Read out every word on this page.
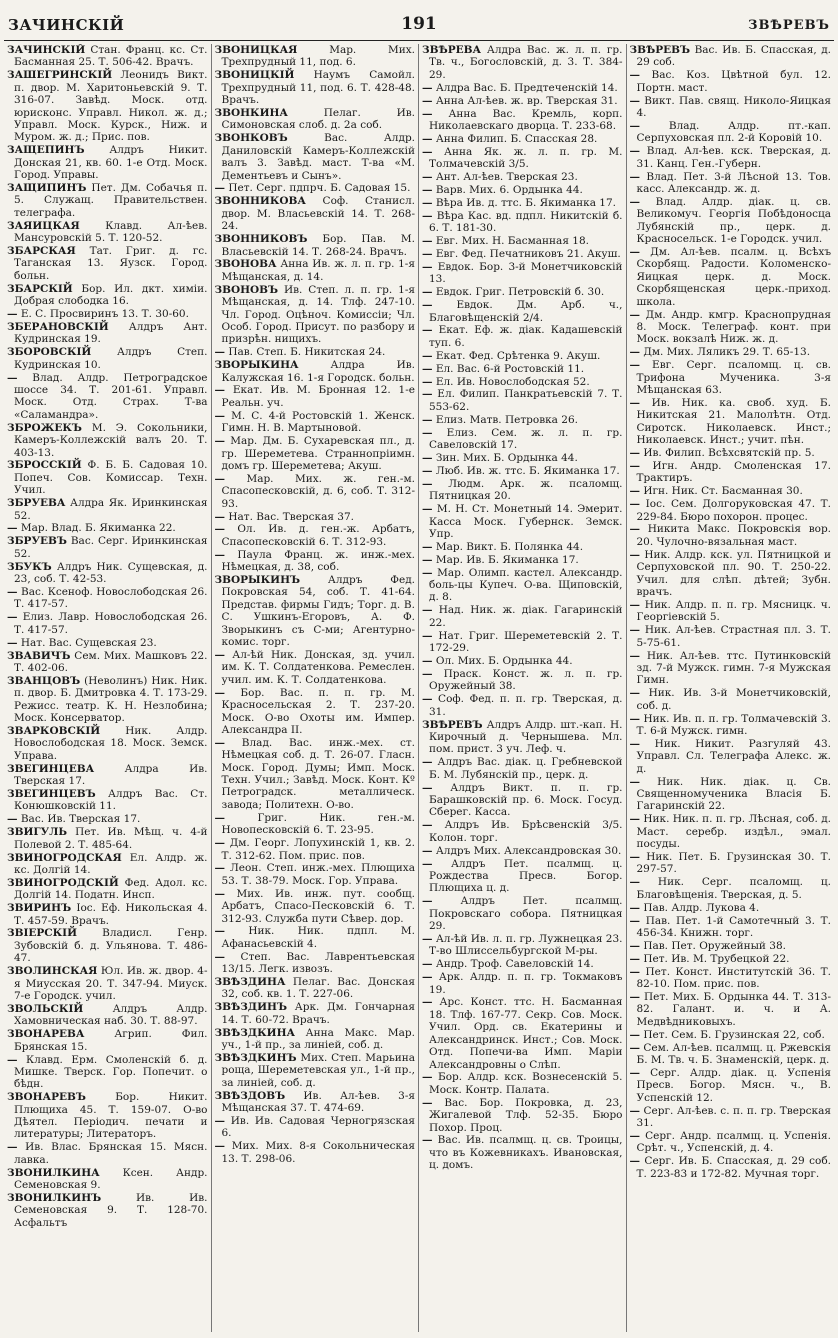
ЗАЧИНСКІЙ	191	ЗВѢРЕВЪ
ЗАЧИНСКІЙ Стан. Франц. кс. Ст. Басманная 25. Т. 506-42. Врачъ.
ЗАШЕГРИНСКІЙ Леонидъ Викт. п. двор. М. Харитоньевскій 9. Т. 316-07. Завѣд. Моск. отд. юрисконс. Управл. Никол. ж. д.; Управл. Моск. Курск., Ниж. и Муром. ж. д.; Прис. пов.
ЗАЩЕПИНЪ Алдръ Никит. Донская 21, кв. 60. 1-е Отд. Моск. Город. Управы.
ЗАЩИПИНЪ Пет. Дм. Собачья п. 5. Служащ. Правительствен. телеграфа.
ЗАЯИЦКАЯ Клавд. Ал-ѣев. Мансуровскій 5. Т. 120-52.
ЗБАРСКАЯ Тат. Григ. д. гс. Таганская 13. Яузск. Город. больн.
ЗБАРСКІЙ Бор. Ил. дкт. химіи. Добрая слободка 16.
— Е. С. Просвиринъ 13. Т. 30-60.
ЗБЕРАНОВСКІЙ Алдръ Ант. Кудринская 19.
ЗБОРОВСКІЙ Алдръ Степ. Кудринская 10.
— Влад. Алдр. Петроградское шоссе 34. Т. 201-61. Управл. Моск. Отд. Страх. Т-ва «Саламандра».
ЗБРОЖЕКЪ М. Э. Сокольники, Камеръ-Коллежскій валъ 20. Т. 403-13.
ЗБРОССКІЙ Ф. Б. Б. Садовая 10. Попеч. Сов. Комиссар. Техн. Учил.
ЗБРУЕВА Алдра Як. Иринкинская 52.
— Мар. Влад. Б. Якиманка 22.
ЗБРУЕВЪ Вас. Серг. Иринкинская 52.
ЗБУКЪ Алдръ Ник. Сущевская, д. 23, соб. Т. 42-53.
— Вас. Ксеноф. Новослободская 26. Т. 417-57.
— Елиз. Лавр. Новослободская 26. Т. 417-57.
— Нат. Вас. Сущевская 23.
ЗВАВИЧЪ Сем. Мих. Машковъ 22. Т. 402-06.
ЗВАНЦОВЪ (Неволинъ) Ник. Ник. п. двор. Б. Дмитровка 4. Т. 173-29. Режисс. театр. К. Н. Незлобина; Моск. Консерватор.
ЗВАРКОВСКІЙ Ник. Алдр. Новослободская 18. Моск. Земск. Управа.
ЗВЕГИНЦЕВА	Алдра Ив. Тверская 17.
ЗВЕГИНЦЕВЪ Алдръ Вас. Ст. Конюшковскій 11.
— Вас. Ив. Тверская 17.
ЗВИГУЛЬ Пет. Ив. Мѣщ. ч. 4-й Полевой 2. Т. 485-64.
ЗВИНОГРОДСКАЯ Ел. Алдр. ж. кс. Долгій 14.
ЗВИНОГРОДСКІЙ Фед. Адол. кс. Долгій 14. Податн. Инсп.
ЗВИРИНЪ Іос. Еф. Никольская 4. Т. 457-59. Врачъ.
ЗВІЕРСКІЙ Владисл. Генр. Зубовскій б. д. Ульянова. Т. 486-47.
ЗВОЛИНСКАЯ Юл. Ив. ж. двор. 4-я Миусская 20. Т. 347-94. Миуск. 7-е Городск. учил.
ЗВОЛЬСКІЙ	Алдръ Алдр. Хамовническая наб. 30. Т. 88-97.
ЗВОНАРЕВА	Агрип. Фил. Брянская 15.
— Клавд. Ерм. Смоленскій б. д. Мишке. Тверск. Гор. Попечит. о бѣдн.
ЗВОНАРЕВЪ	Бор. Никит. Плющиха 45. Т. 159-07. О-во Дѣятел. Періодич. печати и литературы; Литераторъ.
— Ив. Влас. Брянская 15. Мясн. лавка.
ЗВОНИЛКИНА Ксен. Андр. Семеновская 9.
ЗВОНИЛКИНЪ	Ив. Ив. Семеновская 9. Т. 128-70. Асфальтъ
ЗВОНИЦКАЯ	Мар. Мих. Трехпрудный 11, под. 6.
ЗВОНИЦКІЙ Наумъ Самойл. Трехпрудный 11, под. 6. Т. 428-48. Врачъ.
ЗВОНКИНА	Пелаг. Ив. Симоновская слоб. д. 2а соб.
ЗВОНКОВЪ	Вас. Алдр. Даниловскій Камеръ-Коллежскій валъ 3. Завѣд. маст. Т-ва «М. Дементьевъ и Сынъ».
— Пет. Серг. пдпрч. Б. Садовая 15.
ЗВОННИКОВА Соф. Станисл. двор. М. Власьевскій 14. Т. 268-24.
ЗВОННИКОВЪ Бор. Пав. М. Власьевскій 14. Т. 268-24. Врачъ.
ЗВОНОВА Анна Ив. ж. л. п. гр. 1-я Мѣщанская, д. 14.
ЗВОНОВЪ Ив. Степ. л. п. гр. 1-я Мѣщанская, д. 14. Тлф. 247-10. Чл. Город. Оцѣноч. Комиссіи; Чл. Особ. Город. Присут. по разбору и призрѣн. нищихъ.
— Пав. Степ. Б. Никитская 24.
ЗВОРЫКИНА	Алдра Ив. Калужская 16. 1-я Городск. больн.
— Екат. Ив. М. Бронная 12. 1-е Реальн. уч.
— М. С. 4-й Ростовскій 1. Женск. Гимн. Н. В. Мартыновой.
— Мар. Дм. Б. Сухаревская пл., д. гр. Шереметева. Страннопріимн. домъ гр. Шереметева; Акуш.
— Мар. Мих. ж. ген.-м. Спасопесковскій, д. 6, соб. Т. 312-93.
— Нат. Вас. Тверская 37.
— Ол. Ив. д. ген.-ж. Арбатъ, Спасопесковскій 6. Т. 312-93.
— Паула Франц. ж. инж.-мех. Нѣмецкая, д. 38, соб.
ЗВОРЫКИНЪ	Алдръ Фед. Покровская 54, соб. Т. 41-64. Представ. фирмы Гидъ; Торг. д. В. С. Ушкинъ-Егоровъ, А. Ф. Зворыкинъ съ С-ми; Агентурно-комис. торг.
— Ал-ѣй Ник. Донская, зд. учил. им. К. Т. Солдатенкова. Ремеслен. учил. им. К. Т. Солдатенкова.
— Бор. Вас. п. п. гр. М. Красносельская 2. Т. 237-20. Моск. О-во Охоты им. Импер. Александра II.
— Влад. Вас. инж.-мех. ст. Нѣмецкая соб. д. Т. 26-07. Гласн. Моск. Город. Думы; Имп. Моск. Техн. Учил.; Завѣд. Моск. Конт. Кº Петроградск. металлическ. завода; Политехн. О-во.
—	Григ. Ник. ген.-м. Новопесковскій 6. Т. 23-95.
— Дм. Георг. Лопухинскій 1, кв. 2. Т. 312-62. Пом. прис. пов.
— Леон. Степ. инж.-мех. Плющиха 53. Т. 38-79. Моск. Гор. Управа.
— Мих. Ив. инж. пут. сообщ. Арбатъ, Спасо-Песковскій 6. Т. 312-93. Служба пути Сѣвер. дор.
— Ник. Ник. пдпл. М. Афанасьевскій 4.
— Степ. Вас. Лаврентьевская 13/15. Легк. извозъ.
ЗВѢЗДИНА Пелаг. Вас. Донская 32, соб. кв. 1. Т. 227-06.
ЗВѢЗДИНЪ Арк. Дм. Гончарная 14. Т. 60-72. Врачъ.
ЗВѢЗДКИНА Анна Макс. Мар. уч., 1-й пр., за линіей, соб. д.
ЗВѢЗДКИНЪ Мих. Степ. Марьина роща, Шереметевская ул., 1-й пр., за линіей, соб. д.
ЗВѢЗДОВЪ Ив. Ал-ѣев. 3-я Мѣщанская 37. Т. 474-69.
— Ив. Ив. Садовая Черногрязская 6.
— Мих. Мих. 8-я Сокольническая 13. Т. 298-06.
ЗВѢРЕВА Алдра Вас. ж. л. п. гр. Тв. ч., Богословскій, д. 3. Т. 384-29.
— Алдра Вас. Б. Предтеченскій 14.
— Анна Ал-ѣев. ж. вр. Тверская 31.
— Анна Вас. Кремль, корп. Николаевскаго дворца. Т. 233-68.
— Анна Филип. Б. Спасская 28.
— Анна Як. ж. л. п. гр. М. Толмачевскій 3/5.
— Ант. Ал-ѣев. Тверская 23.
— Варв. Мих. 6. Ордынка 44.
— Вѣра Ив. д. ттс. Б. Якиманка 17.
— Вѣра Кас. вд. пдпл. Никитскій б. 6. Т. 181-30.
— Евг. Мих. Н. Басманная 18.
— Евг. Фед. Печатниковъ 21. Акуш.
— Евдок. Бор. 3-й Монетчиковскій 13.
— Евдок. Григ. Петровскій б. 30.
— Евдок. Дм. Арб. ч., Благовѣщенскій 2/4.
— Екат. Еф. ж. діак. Кадашевскій туп. 6.
— Екат. Фед. Срѣтенка 9. Акуш.
— Ел. Вас. 6-й Ростовскій 11.
— Ел. Ив. Новослободская 52.
— Ел. Филип. Панкратьевскій 7. Т. 553-62.
— Елиз. Матв. Петровка 26.
— Елиз. Сем. ж. л. п. гр. Савеловскій 17.
— Зин. Мих. Б. Ордынка 44.
— Люб. Ив. ж. ттс. Б. Якиманка 17.
— Людм. Арк. ж. псаломщ. Пятницкая 20.
— М. Н. Ст. Монетный 14. Эмерит. Касса Моск. Губернск. Земск. Упр.
— Мар. Викт. Б. Полянка 44.
— Мар. Ив. Б. Якиманка 17.
— Мар. Олимп. кастел. Александр. боль-цы Купеч. О-ва. Щиповскій, д. 8.
— Над. Ник. ж. діак. Гагаринскій 22.
— Нат. Григ. Шереметевскій 2. Т. 172-29.
— Ол. Мих. Б. Ордынка 44.
— Праск. Конст. ж. л. п. гр. Оружейный 38.
— Соф. Фед. п. п. гр. Тверская, д. 31.
ЗВѢРЕВЪ Алдръ Алдр. шт.-кап. Н. Кирочный д. Чернышева. Мл. пом. прист. 3 уч. Леф. ч.
— Алдръ Вас. діак. ц. Гребневской Б. М. Лубянскій пр., церк. д.
— Алдръ Викт. п. п. гр. Барашковскій пр. 6. Моск. Госуд. Сберег. Касса.
— Алдръ Ив. Брѣсвенскій 3/5. Колон. торг.
— Алдръ Мих. Александровская 30.
— Алдръ Пет. псалмщ. ц. Рождества Пресв. Богор. Плющиха ц. д.
—	Алдръ Пет. псалмщ. Покровскаго собора. Пятницкая 29.
— Ал-ѣй Ив. л. п. гр. Лужнецкая 23. Т-во Шлиссельбургской М-ры.
— Андр. Троф. Савеловскій 14.
— Арк. Алдр. п. п. гр. Токмаковъ 19.
— Арс. Конст. ттс. Н. Басманная 18. Тлф. 167-77. Секр. Сов. Моск. Учил. Орд. св. Екатерины и Александринск. Инст.; Сов. Моск. Отд. Попечи-ва Имп. Маріи Александровны о Слѣп.
— Бор. Алдр. кск. Вознесенскій 5. Моск. Контр. Палата.
— Вас. Бор. Покровка, д. 23, Жигалевой Тлф. 52-35. Бюро Похор. Проц.
— Вас. Ив. псалмщ. ц. св. Троицы, что въ Кожевникахъ. Ивановская, ц. домъ.
ЗВѢРЕВЪ Вас. Ив. Б. Спасская, д. 29 соб.
— Вас. Коз. Цвѣтной бул. 12. Портн. маст.
— Викт. Пав. свящ. Николо-Яицкая 4.
—	Влад. Алдр. пт.-кап. Серпуховская пл. 2-й Коровій 10.
— Влад. Ал-ѣев. кск. Тверская, д. 31. Канц. Ген.-Губерн.
— Влад. Пет. 3-й Лѣсной 13. Тов. касс. Александр. ж. д.
— Влад. Алдр. діак. ц. св. Великомуч. Георгія Побѣдоносца Лубянскій пр., церк. д. Красносельск. 1-е Городск. учил.
— Дм. Ал-ѣев. псалм. ц. Всѣхъ Скорбящ. Радости. Коломенско-Яицкая церк. д. Моск. Скорбященская церк.-приход. школа.
— Дм. Андр. кмгр. Краснопрудная 8. Моск. Телеграф. конт. при Моск. вокзалѣ Ниж. ж. д.
— Дм. Мих. Ляликъ 29. Т. 65-13.
— Евг. Серг. псаломщ. ц. св. Трифона Мученика. 3-я Мѣщанская 63.
— Ив. Ник. ка. своб. худ. Б. Никитская 21. Малолѣтн. Отд. Сиротск. Николаевск. Инст.; Николаевск. Инст.; учит. пѣн.
— Ив. Филип. Всѣхсвятскій пр. 5.
— Игн. Андр. Смоленская 17. Трактиръ.
— Игн. Ник. Ст. Басманная 30.
— Іос. Сем. Долгоруковская 47. Т. 229-84. Бюро похорон. процес.
— Никита Макс. Покровскія вор. 20. Чулочно-вязальная маст.
— Ник. Алдр. кск. ул. Пятницкой и Серпуховской пл. 90. Т. 250-22. Учил. для слѣп. дѣтей; Зубн. врачъ.
— Ник. Алдр. п. п. гр. Мясницк. ч. Георгіевскій 5.
— Ник. Ал-ѣев. Страстная пл. 3. Т. 5-75-61.
— Ник. Ал-ѣев. ттс. Путинковскій зд. 7-й Мужск. гимн. 7-я Мужская Гимн.
— Ник. Ив. 3-й Монетчиковскій, соб. д.
— Ник. Ив. п. п. гр. Толмачевскій 3. Т. 6-й Мужск. гимн.
— Ник. Никит. Разгуляй 43. Управл. Сл. Телеграфа Алекс. ж. д.
— Ник. Ник. діак. ц. Св. Священномученика Власія Б. Гагаринскій 22.
— Ник. Ник. п. п. гр. Лѣсная, соб. д. Маст. серебр. издѣл., эмал. посуды.
— Ник. Пет. Б. Грузинская 30. Т. 297-57.
— Ник. Серг. псаломщ. ц. Благовѣщенія. Тверская, д. 5.
— Пав. Алдр. Лукова 4.
— Пав. Пет. 1-й Самотечный 3. Т. 456-34. Книжн. торг.
— Пав. Пет. Оружейный 38.
— Пет. Ив. М. Трубецкой 22.
— Пет. Конст. Институтскій 36. Т. 82-10. Пом. прис. пов.
— Пет. Мих. Б. Ордынка 44. Т. 313-82. Галант. и. ч. и А. Медвѣдниковыхъ.
— Пет. Сем. Б. Грузинская 22, соб.
— Сем. Ал-ѣев. псалмщ. ц. Ржевскія Б. М. Тв. ч. Б. Знаменскій, церк. д.
— Серг. Алдр. діак. ц. Успенія Пресв. Богор. Мясн. ч., В. Успенскій 12.
— Серг. Ал-ѣев. с. п. п. гр. Тверская 31.
— Серг. Андр. псалмщ. ц. Успенія. Срѣт. ч., Успенскій, д. 4.
— Серг. Ив. Б. Спасская, д. 29 соб. Т. 223-83 и 172-82. Мучная торг.
